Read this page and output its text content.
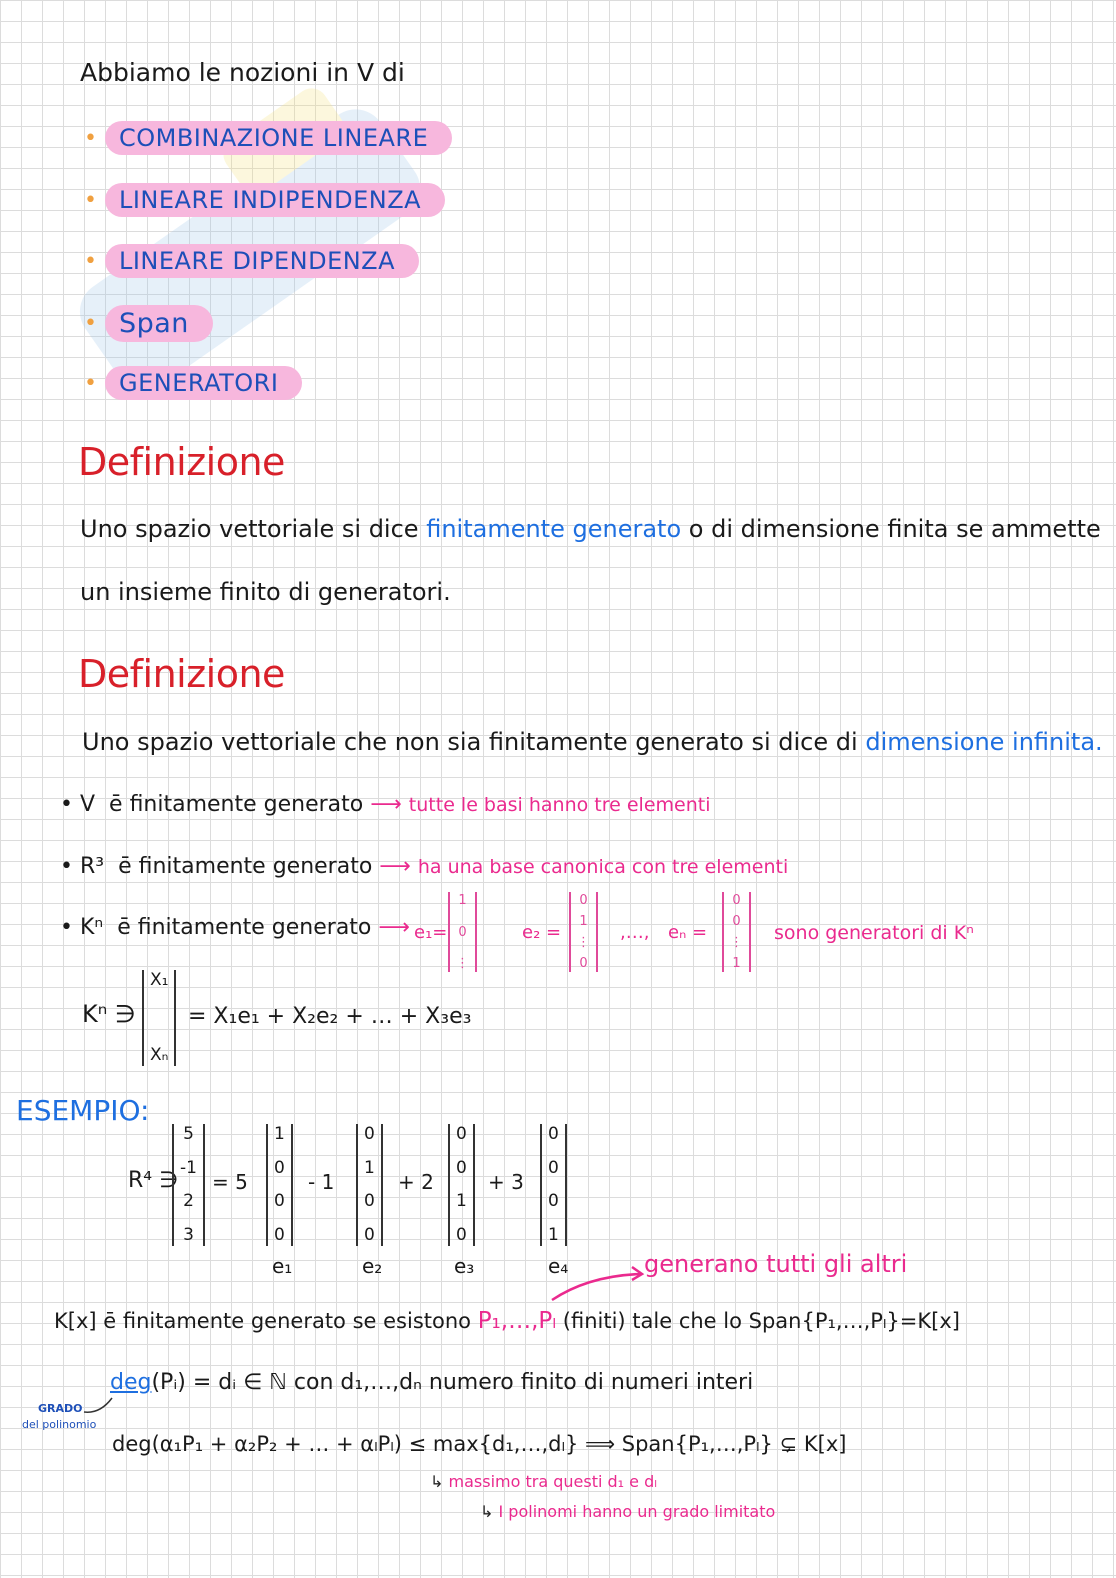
Abbiamo le nozioni in V di
• COMBINAZIONE LINEARE
• LINEARE INDIPENDENZA
• LINEARE DIPENDENZA
• Span
• GENERATORI
Definizione
Uno spazio vettoriale si dice finitamente generato o di dimensione finita se ammette
un insieme finito di generatori.
Definizione
Uno spazio vettoriale che non sia finitamente generato si dice di dimensione infinita.
• V ē finitamente generato ⟶ tutte le basi hanno tre elementi
• R³ ē finitamente generato ⟶ ha una base canonica con tre elementi
• Kⁿ ē finitamente generato ⟶ e₁=
1
0
⋮
e₂ =
0
1
⋮
0
,…, eₙ =
0
0
⋮
1
sono generatori di Kⁿ
Kⁿ ∋
X₁
Xₙ
= X₁e₁ + X₂e₂ + … + X₃e₃
ESEMPIO:
R⁴ ∋
5
-1
2
3
= 5
1
0
0
0
e₁
- 1
0
1
0
0
e₂
+ 2
0
0
1
0
e₃
+ 3
0
0
0
1
e₄	generano tutti gli altri
K[x] ē finitamente generato se esistono P₁,…,Pₗ (finiti) tale che lo Span{P₁,…,Pₗ}=K[x]
deg(Pᵢ) = dᵢ ∈ ℕ con d₁,…,dₙ numero finito di numeri interi
GRADO
del polinomio
deg(α₁P₁ + α₂P₂ + … + αₗPₗ) ≤ max{d₁,…,dₗ} ⟹ Span{P₁,…,Pₗ} ⊊ K[x]
↳ massimo tra questi d₁ e dₗ
↳ I polinomi hanno un grado limitato
